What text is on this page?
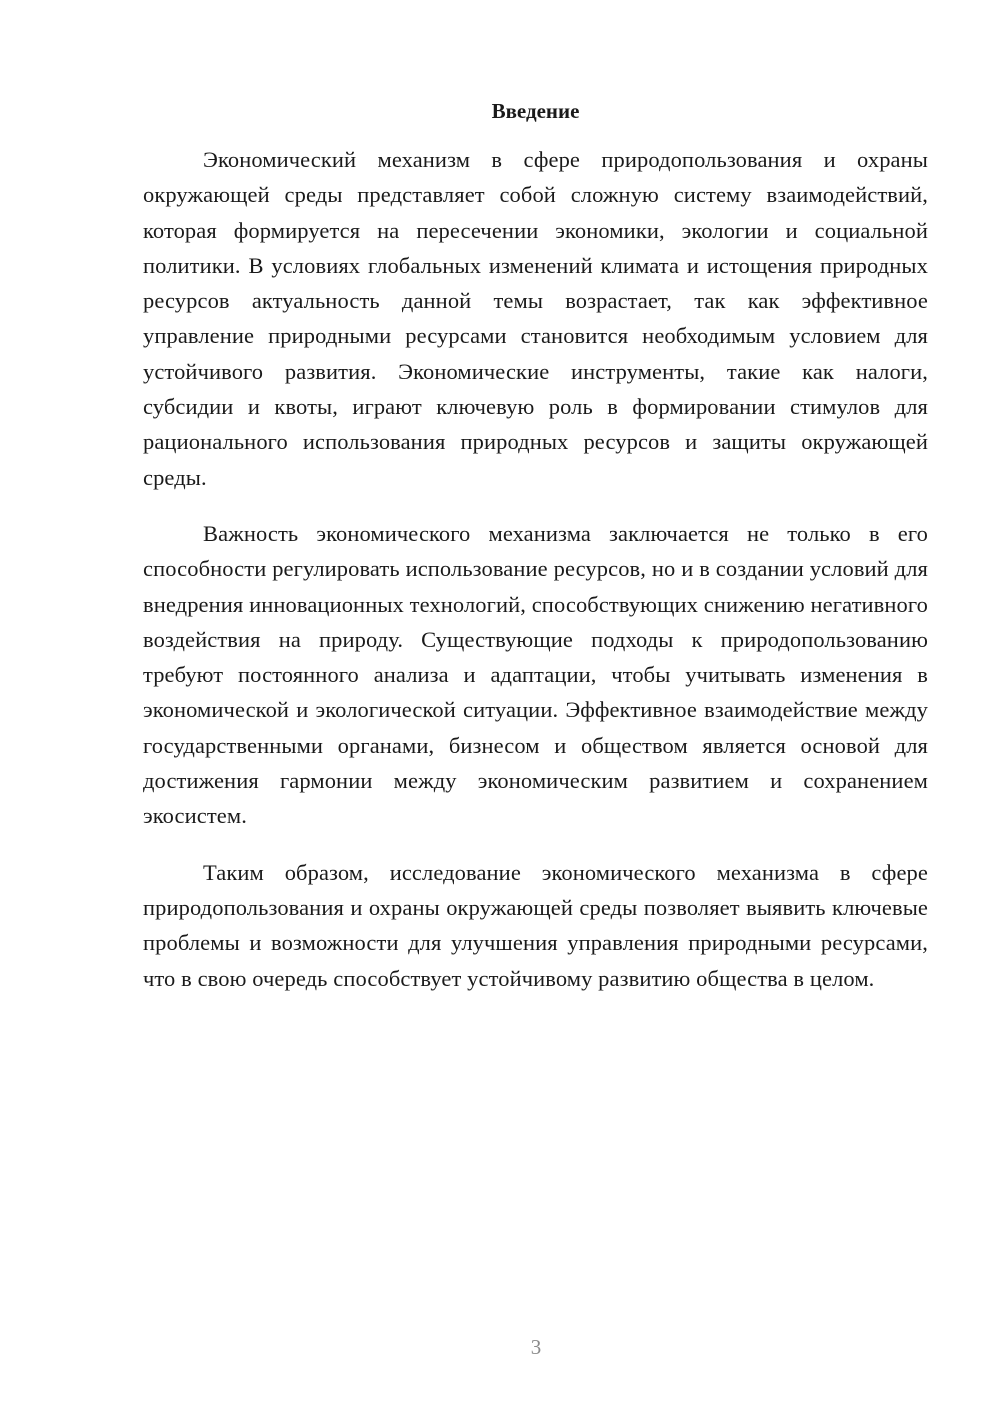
Введение

Экономический механизм в сфере природопользования и охраны окружающей среды представляет собой сложную систему взаимодействий, которая формируется на пересечении экономики, экологии и социальной политики. В условиях глобальных изменений климата и истощения природных ресурсов актуальность данной темы возрастает, так как эффективное управление природными ресурсами становится необходимым условием для устойчивого развития. Экономические инструменты, такие как налоги, субсидии и квоты, играют ключевую роль в формировании стимулов для рационального использования природных ресурсов и защиты окружающей среды.

Важность экономического механизма заключается не только в его способности регулировать использование ресурсов, но и в создании условий для внедрения инновационных технологий, способствующих снижению негативного воздействия на природу. Существующие подходы к природопользованию требуют постоянного анализа и адаптации, чтобы учитывать изменения в экономической и экологической ситуации. Эффективное взаимодействие между государственными органами, бизнесом и обществом является основой для достижения гармонии между экономическим развитием и сохранением экосистем.

Таким образом, исследование экономического механизма в сфере природопользования и охраны окружающей среды позволяет выявить ключевые проблемы и возможности для улучшения управления природными ресурсами, что в свою очередь способствует устойчивому развитию общества в целом.

3
